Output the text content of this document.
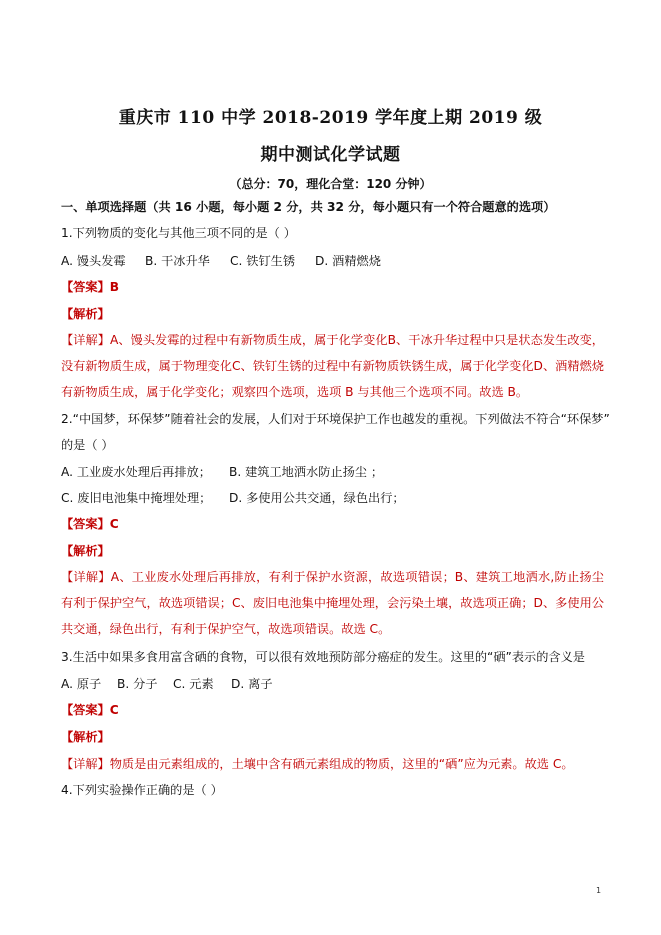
重庆市 110 中学 2018-2019 学年度上期 2019 级
期中测试化学试题
（总分：70，理化合堂：120 分钟）
一、单项选择题（共 16 小题，每小题 2 分，共 32 分，每小题只有一个符合题意的选项）
1.下列物质的变化与其他三项不同的是（ ）
A. 馒头发霉 B. 干冰升华 C. 铁钉生锈 D. 酒精燃烧
【答案】B
【解析】
【详解】A、馒头发霉的过程中有新物质生成，属于化学变化B、干冰升华过程中只是状态发生改变，没有新物质生成，属于物理变化C、铁钉生锈的过程中有新物质铁锈生成，属于化学变化D、酒精燃烧有新物质生成，属于化学变化；观察四个选项，选项 B 与其他三个选项不同。故选 B。
2.“中国梦，环保梦”随着社会的发展，人们对于环境保护工作也越发的重视。下列做法不符合“环保梦”
的是（ ）
A. 工业废水处理后再排放； B. 建筑工地洒水防止扬尘 ；
C. 废旧电池集中掩埋处理； D. 多使用公共交通，绿色出行；
【答案】C
【解析】
【详解】A、工业废水处理后再排放，有利于保护水资源，故选项错误；B、建筑工地洒水,防止扬尘有利于保护空气，故选项错误；C、废旧电池集中掩埋处理，会污染土壤，故选项正确；D、多使用公共交通，绿色出行，有利于保护空气，故选项错误。故选 C。
3.生活中如果多食用富含硒的食物，可以很有效地预防部分癌症的发生。这里的“硒”表示的含义是
A. 原子 B. 分子 C. 元素 D. 离子
【答案】C
【解析】
【详解】物质是由元素组成的，土壤中含有硒元素组成的物质，这里的“硒”应为元素。故选 C。
4.下列实验操作正确的是（ ）
1
